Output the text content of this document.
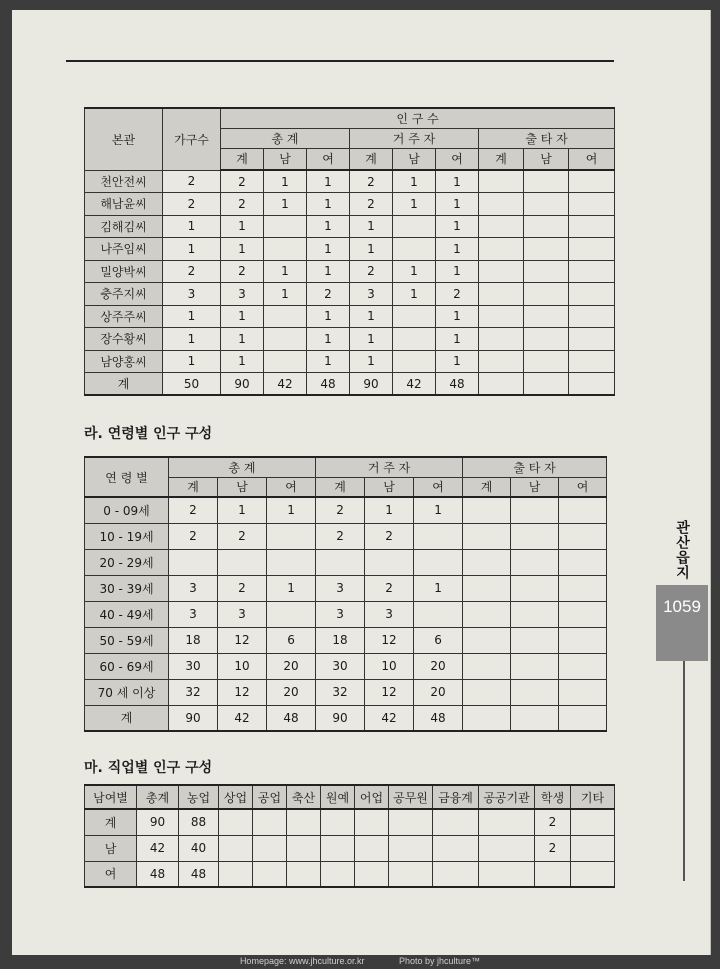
본관	가구수	인 구 수								
		총 계			거 주 자			출 타 자		
		계	남	여	계	남	여	계	남	여
천안전씨	2	2	1	1	2	1	1			
해남윤씨	2	2	1	1	2	1	1			
김해김씨	1	1		1	1		1			
나주임씨	1	1		1	1		1			
밀양박씨	2	2	1	1	2	1	1			
충주지씨	3	3	1	2	3	1	2			
상주주씨	1	1		1	1		1			
장수황씨	1	1		1	1		1			
남양홍씨	1	1		1	1		1			
계	50	90	42	48	90	42	48			
라. 연령별 인구 구성
연 령 별	총 계			거 주 자			출 타 자		
	계	남	여	계	남	여	계	남	여
0 - 09세	2	1	1	2	1	1			
10 - 19세	2	2		2	2				
20 - 29세									
30 - 39세	3	2	1	3	2	1			
40 - 49세	3	3		3	3				
50 - 59세	18	12	6	18	12	6			
60 - 69세	30	10	20	30	10	20			
70 세 이상	32	12	20	32	12	20			
계	90	42	48	90	42	48			
마. 직업별 인구 구성
남여별	총계	농업	상업	공업	축산	원예	어업	공무원	금융계	공공기관	학생	기타
계	90	88									2	
남	42	40									2	
여	48	48										
관산읍지
1059
Homepage: www.jhculture.or.kr	Photo by jhculture™
